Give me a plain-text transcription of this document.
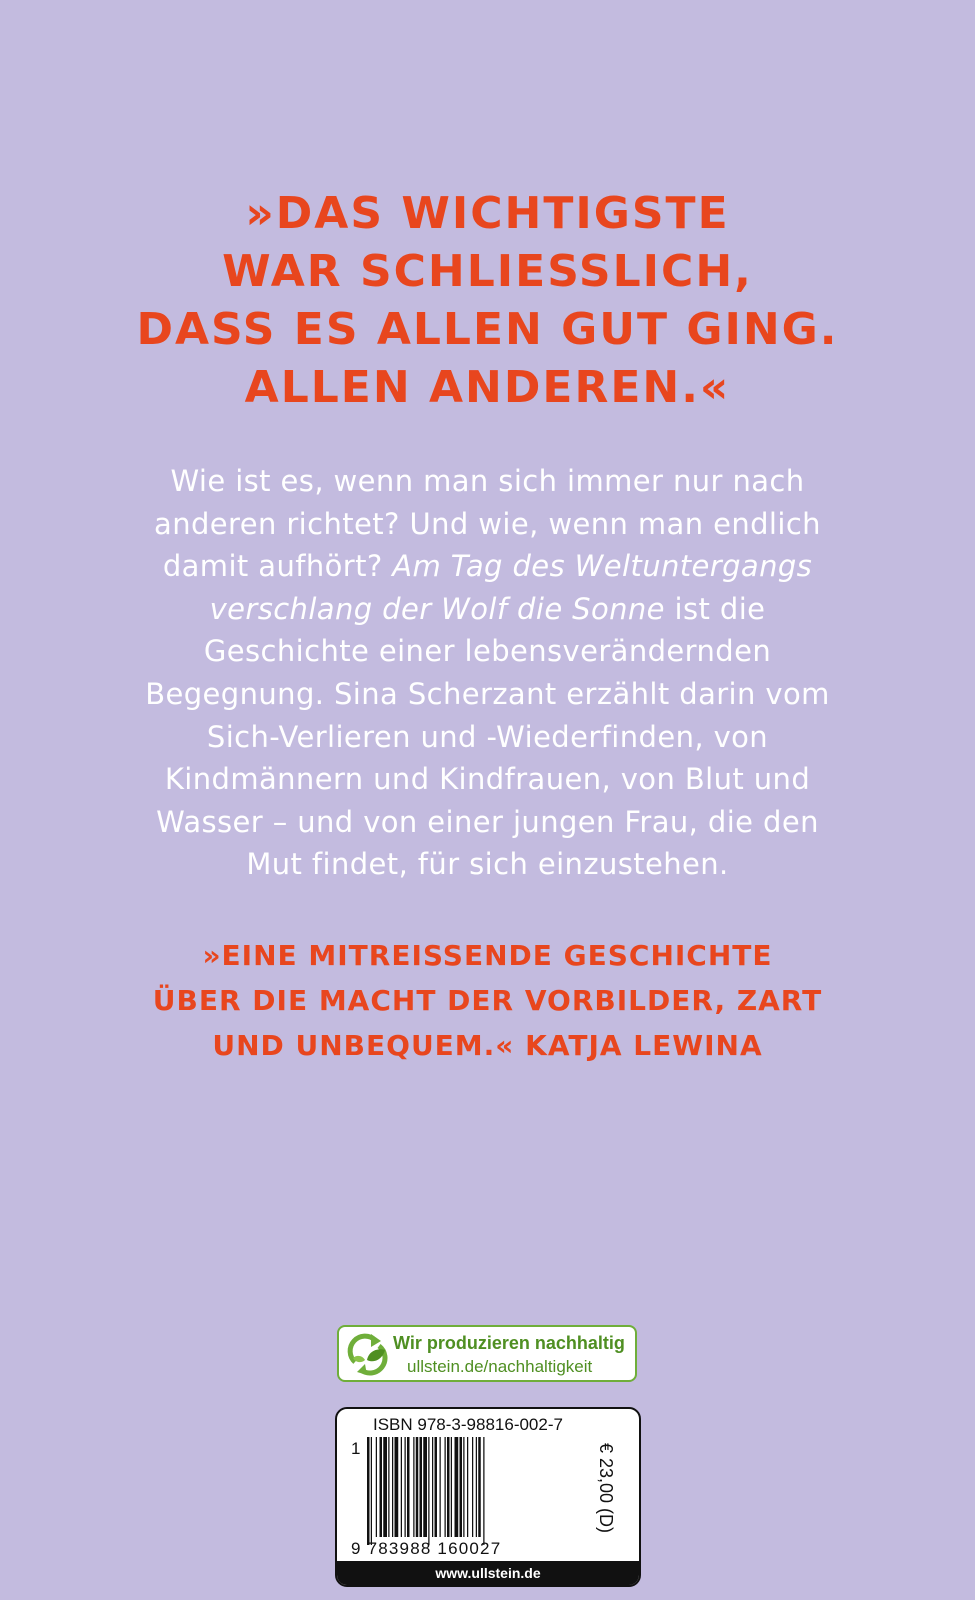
»DAS WICHTIGSTE
WAR SCHLIESSLICH,
DASS ES ALLEN GUT GING.
ALLEN ANDEREN.«
Wie ist es, wenn man sich immer nur nach
anderen richtet? Und wie, wenn man endlich
damit aufhört? Am Tag des Weltuntergangs
verschlang der Wolf die Sonne ist die
Geschichte einer lebensverändernden
Begegnung. Sina Scherzant erzählt darin vom
Sich-Verlieren und -Wiederfinden, von
Kindmännern und Kindfrauen, von Blut und
Wasser – und von einer jungen Frau, die den
Mut findet, für sich einzustehen.
»EINE MITREISSENDE GESCHICHTE
ÜBER DIE MACHT DER VORBILDER, ZART
UND UNBEQUEM.« KATJA LEWINA
Wir produzieren nachhaltig
ullstein.de/nachhaltigkeit
ISBN 978-3-98816-002-7
1
9 783988 160027
€ 23,00 (D)
www.ullstein.de
